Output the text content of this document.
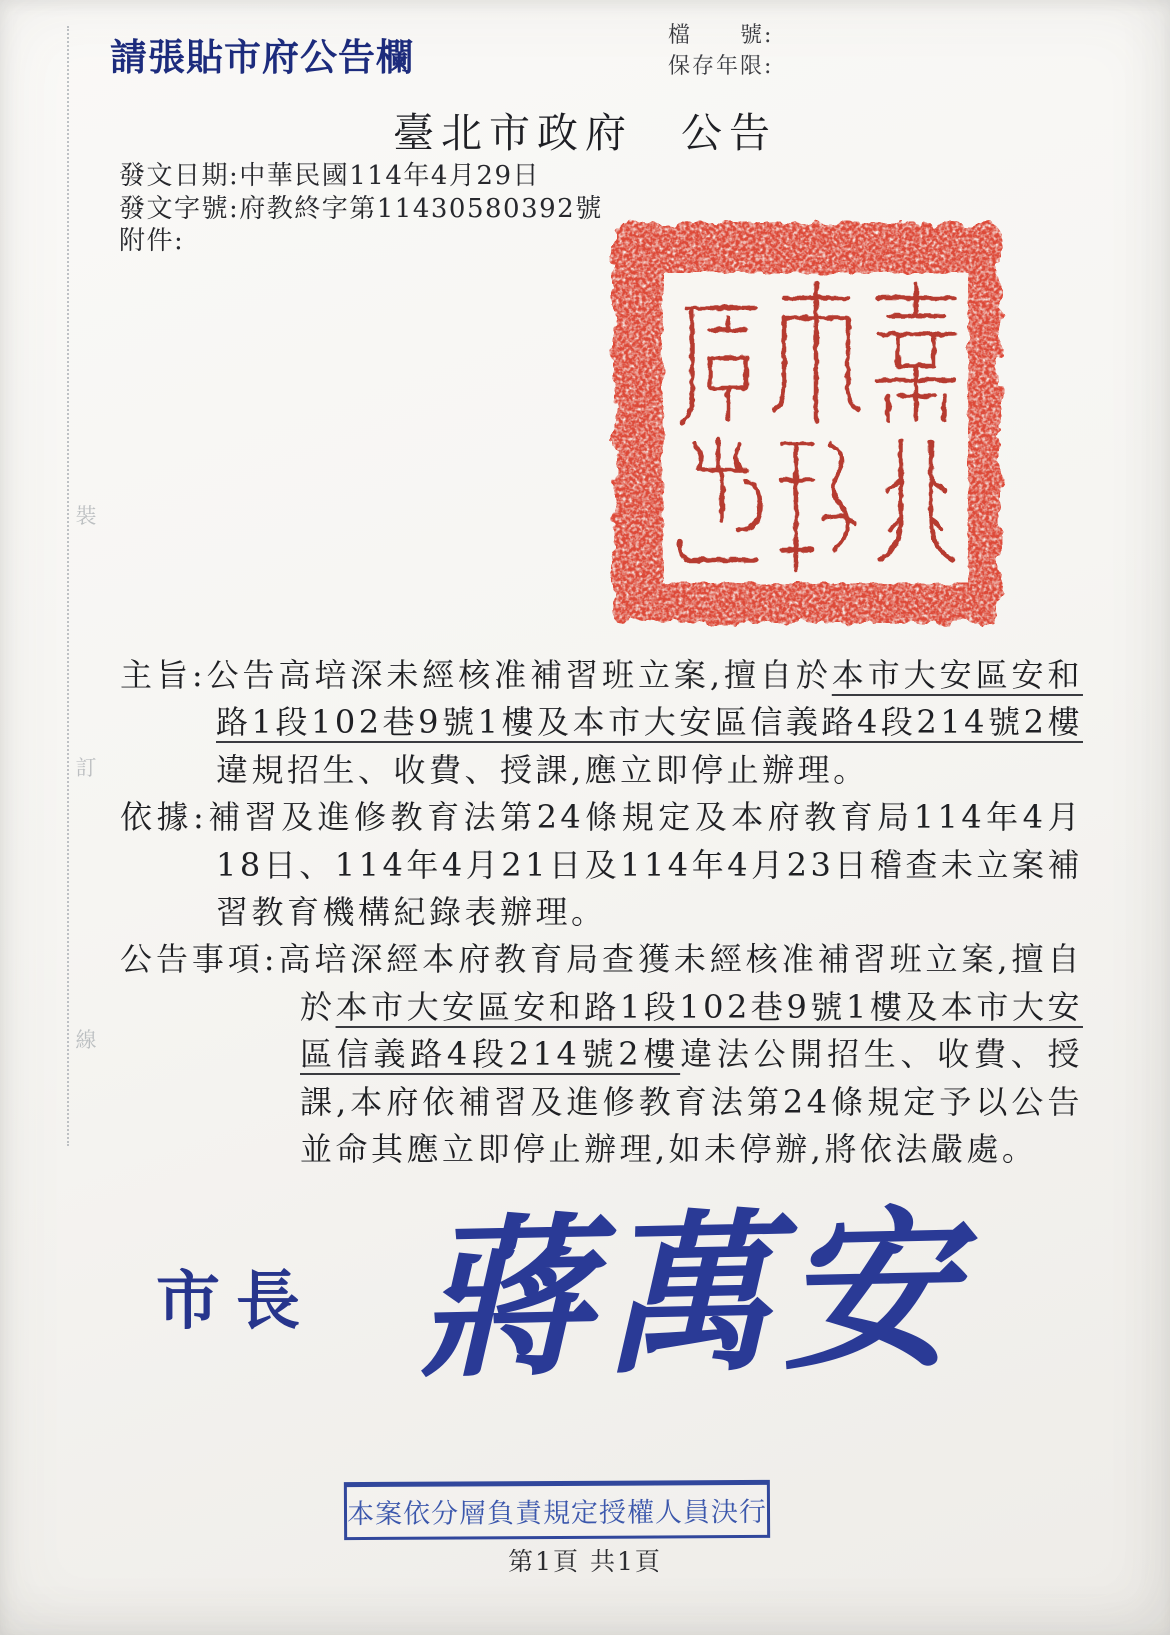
裝
訂
線
請張貼市府公告欄	檔　　號:
保存年限:
臺北市政府　公告
發文日期:中華民國114年4月29日
發文字號:府教終字第11430580392號
附件:

主旨:公告高培深未經核准補習班立案,擅自於本市大安區安和路1段102巷9號1樓及本市大安區信義路4段214號2樓違規招生、收費、授課,應立即停止辦理。

依據:補習及進修教育法第24條規定及本府教育局114年4月18日、114年4月21日及114年4月23日稽查未立案補習教育機構紀錄表辦理。

公告事項:高培深經本府教育局查獲未經核准補習班立案,擅自於本市大安區安和路1段102巷9號1樓及本市大安區信義路4段214號2樓違法公開招生、收費、授課,本府依補習及進修教育法第24條規定予以公告並命其應立即停止辦理,如未停辦,將依法嚴處。

市長 蔣萬安
本案依分層負責規定授權人員決行
第1頁 共1頁
